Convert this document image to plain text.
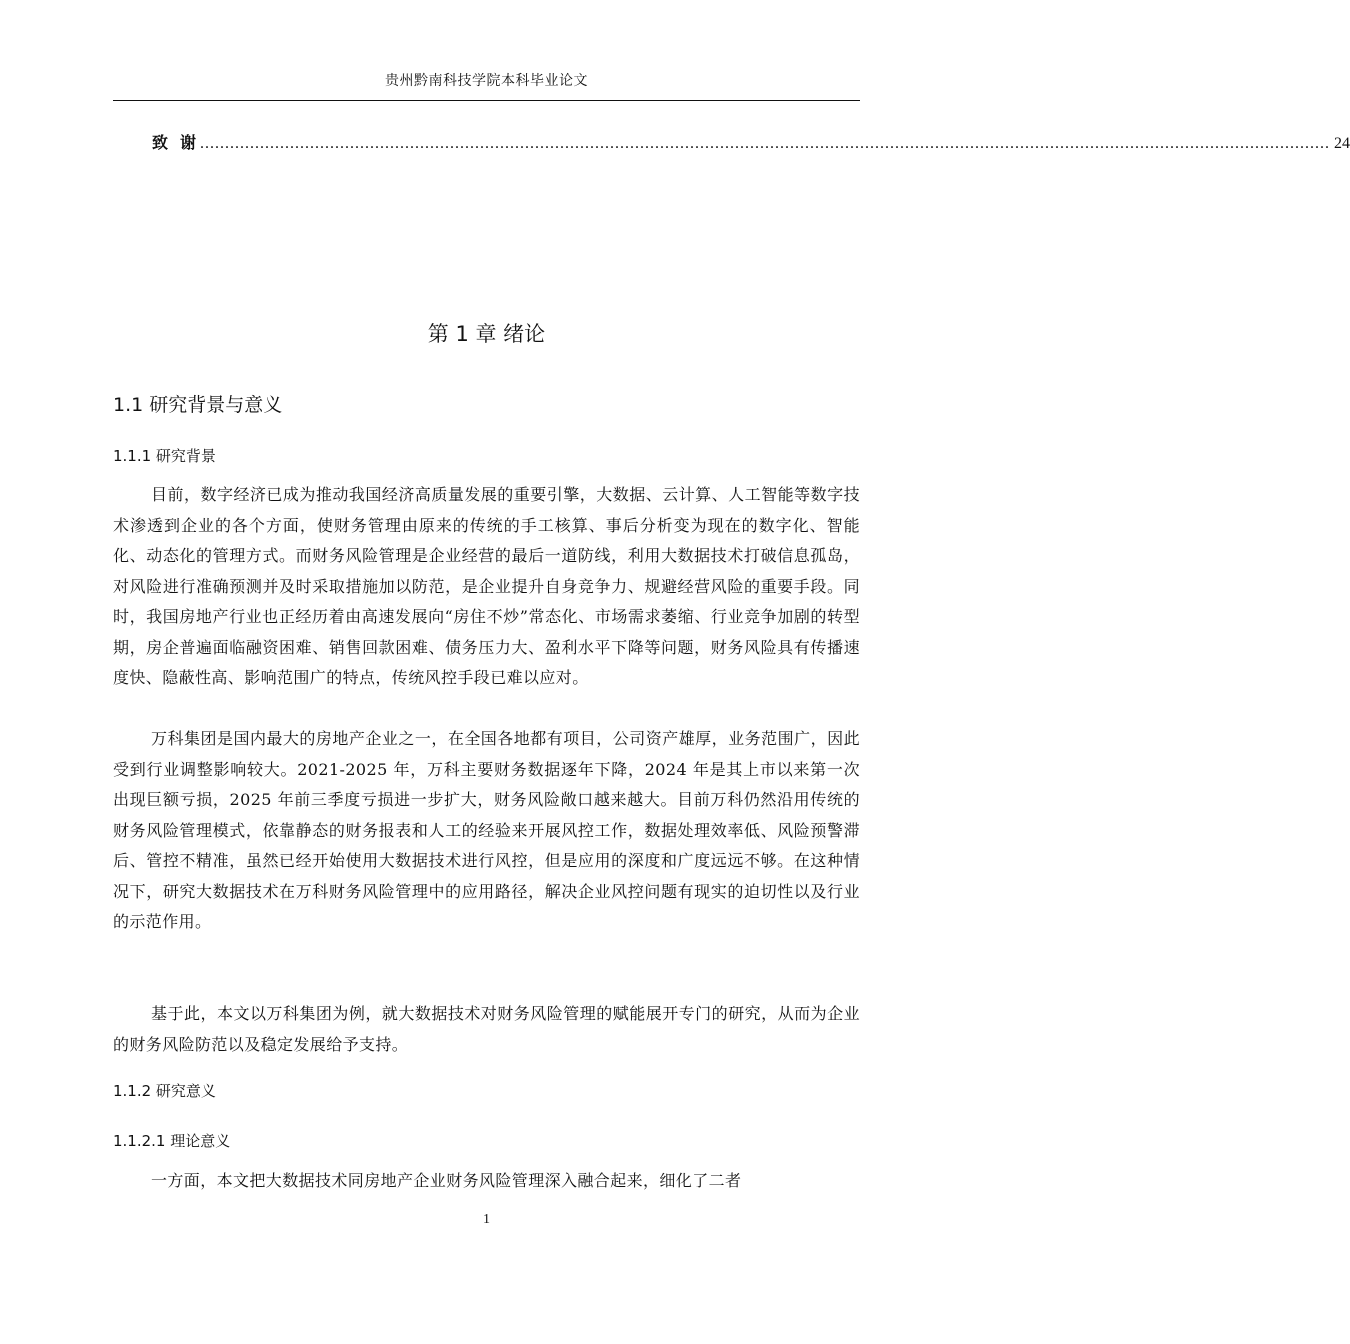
贵州黔南科技学院本科毕业论文
致谢
.................................................................................................................................................................................................................................. 24
第 1 章 绪论
1.1 研究背景与意义
1.1.1 研究背景

目前，数字经济已成为推动我国经济高质量发展的重要引擎，大数据、云计算、人工智能等数字技术渗透到企业的各个方面，使财务管理由原来的传统的手工核算、事后分析变为现在的数字化、智能化、动态化的管理方式。而财务风险管理是企业经营的最后一道防线，利用大数据技术打破信息孤岛，对风险进行准确预测并及时采取措施加以防范，是企业提升自身竞争力、规避经营风险的重要手段。同时，我国房地产行业也正经历着由高速发展向“房住不炒”常态化、市场需求萎缩、行业竞争加剧的转型期，房企普遍面临融资困难、销售回款困难、债务压力大、盈利水平下降等问题，财务风险具有传播速度快、隐蔽性高、影响范围广的特点，传统风控手段已难以应对。

万科集团是国内最大的房地产企业之一，在全国各地都有项目，公司资产雄厚，业务范围广，因此受到行业调整影响较大。2021-2025 年，万科主要财务数据逐年下降，2024 年是其上市以来第一次出现巨额亏损，2025 年前三季度亏损进一步扩大，财务风险敞口越来越大。目前万科仍然沿用传统的财务风险管理模式，依靠静态的财务报表和人工的经验来开展风控工作，数据处理效率低、风险预警滞后、管控不精准，虽然已经开始使用大数据技术进行风控，但是应用的深度和广度远远不够。在这种情况下，研究大数据技术在万科财务风险管理中的应用路径，解决企业风控问题有现实的迫切性以及行业的示范作用。

基于此，本文以万科集团为例，就大数据技术对财务风险管理的赋能展开专门的研究，从而为企业的财务风险防范以及稳定发展给予支持。

1.1.2 研究意义
1.1.2.1 理论意义

一方面，本文把大数据技术同房地产企业财务风险管理深入融合起来，细化了二者

1
